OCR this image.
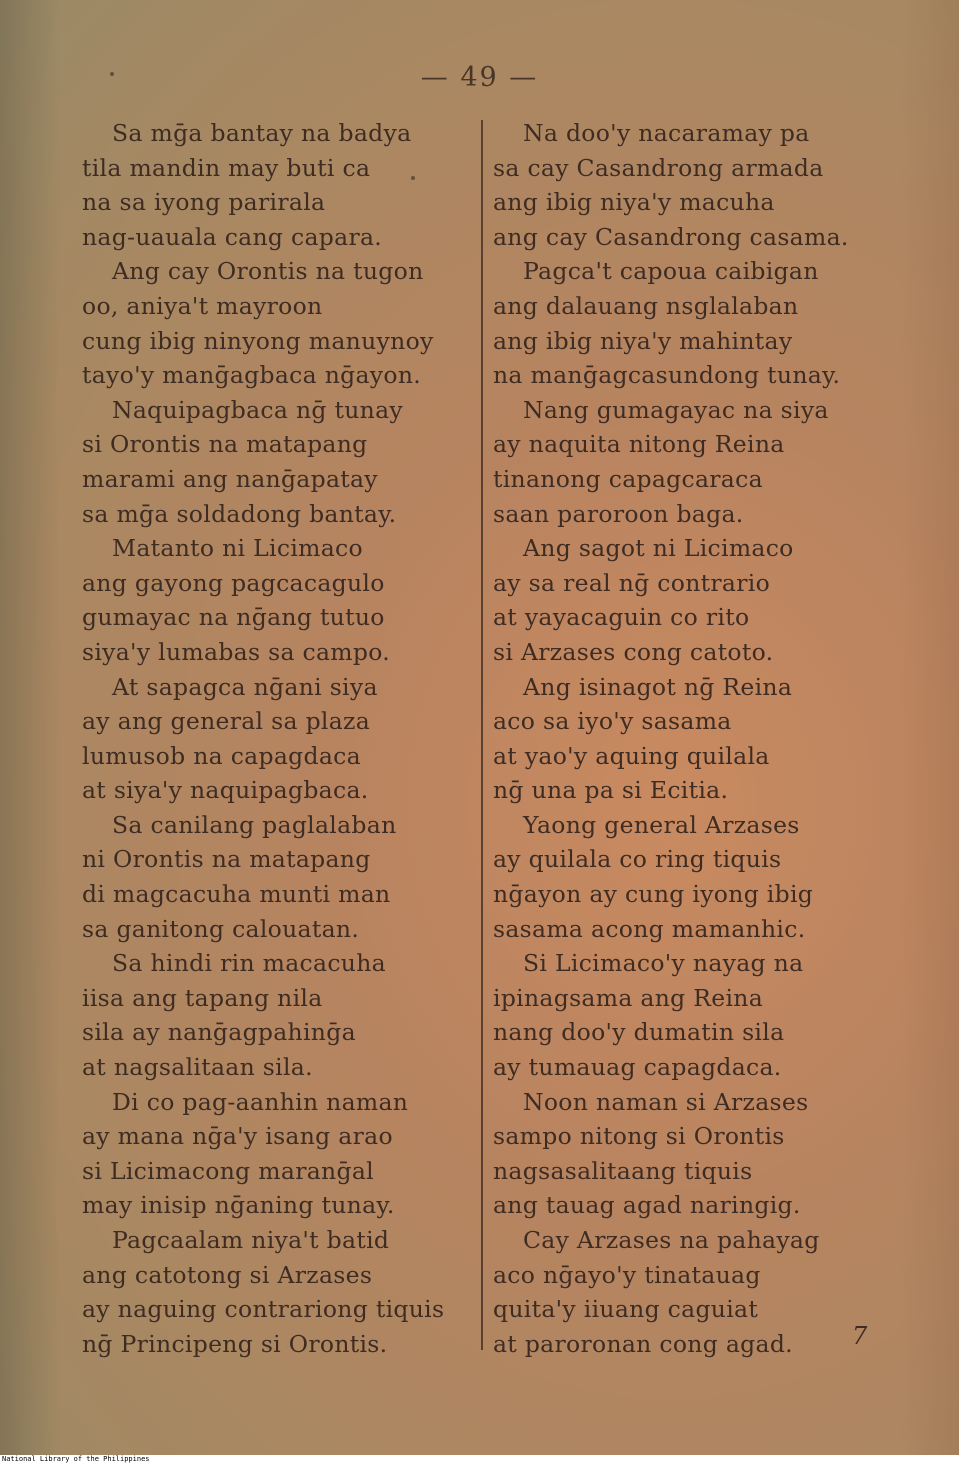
— 49 —
Sa mḡa bantay na badya
tila mandin may buti ca
na sa iyong parirala
nag-uauala cang capara.
Ang cay Orontis na tugon
oo, aniya't mayroon
cung ibig ninyong manuynoy
tayo'y manḡagbaca nḡayon.
Naquipagbaca nḡ tunay
si Orontis na matapang
marami ang nanḡapatay
sa mḡa soldadong bantay.
Matanto ni Licimaco
ang gayong pagcacagulo
gumayac na nḡang tutuo
siya'y lumabas sa campo.
At sapagca nḡani siya
ay ang general sa plaza
lumusob na capagdaca
at siya'y naquipagbaca.
Sa canilang paglalaban
ni Orontis na matapang
di magcacuha munti man
sa ganitong calouatan.
Sa hindi rin macacuha
iisa ang tapang nila
sila ay nanḡagpahinḡa
at nagsalitaan sila.
Di co pag-aanhin naman
ay mana nḡa'y isang arao
si Licimacong maranḡal
may inisip nḡaning tunay.
Pagcaalam niya't batid
ang catotong si Arzases
ay naguing contrariong tiquis
nḡ Principeng si Orontis.
Na doo'y nacaramay pa
sa cay Casandrong armada
ang ibig niya'y macuha
ang cay Casandrong casama.
Pagca't capoua caibigan
ang dalauang nsglalaban
ang ibig niya'y mahintay
na manḡagcasundong tunay.
Nang gumagayac na siya
ay naquita nitong Reina
tinanong capagcaraca
saan paroroon baga.
Ang sagot ni Licimaco
ay sa real nḡ contrario
at yayacaguin co rito
si Arzases cong catoto.
Ang isinagot nḡ Reina
aco sa iyo'y sasama
at yao'y aquing quilala
nḡ una pa si Ecitia.
Yaong general Arzases
ay quilala co ring tiquis
nḡayon ay cung iyong ibig
sasama acong mamanhic.
Si Licimaco'y nayag na
ipinagsama ang Reina
nang doo'y dumatin sila
ay tumauag capagdaca.
Noon naman si Arzases
sampo nitong si Orontis
nagsasalitaang tiquis
ang tauag agad naringig.
Cay Arzases na pahayag
aco nḡayo'y tinatauag
quita'y iiuang caguiat
at paroronan cong agad.	7
National Library of the Philippines
